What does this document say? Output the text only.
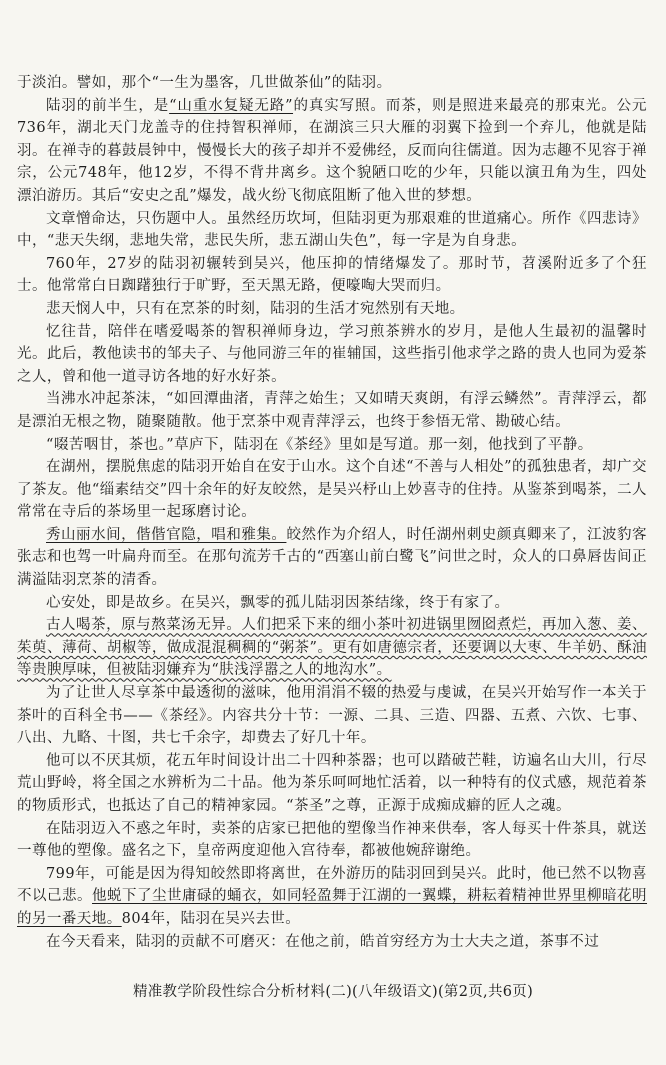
于淡泊。譬如，那个“一生为墨客，几世做茶仙”的陆羽。

陆羽的前半生，是“山重水复疑无路”的真实写照。而茶，则是照进来最亮的那束光。公元736年，湖北天门龙盖寺的住持智积禅师，在湖滨三只大雁的羽翼下捡到一个弃儿，他就是陆羽。在禅寺的暮鼓晨钟中，慢慢长大的孩子却并不爱佛经，反而向往儒道。因为志趣不见容于禅宗，公元748年，他12岁，不得不背井离乡。这个貌陋口吃的少年，只能以演丑角为生，四处漂泊游历。其后“安史之乱”爆发，战火纷飞彻底阻断了他入世的梦想。

文章憎命达，只伤题中人。虽然经历坎坷，但陆羽更为那艰难的世道痛心。所作《四悲诗》中，“悲天失纲，悲地失常，悲民失所，悲五湖山失色”，每一字是为自身悲。

760年，27岁的陆羽初辗转到吴兴，他压抑的情绪爆发了。那时节，苕溪附近多了个狂士。他常常白日踟躇独行于旷野，至天黑无路，便嚎啕大哭而归。

悲天悯人中，只有在烹茶的时刻，陆羽的生活才宛然别有天地。

忆往昔，陪伴在嗜爱喝茶的智积禅师身边，学习煎茶辨水的岁月，是他人生最初的温馨时光。此后，教他读书的邹夫子、与他同游三年的崔辅国，这些指引他求学之路的贵人也同为爱茶之人，曾和他一道寻访各地的好水好茶。

当沸水冲起茶沫，“如回潭曲渚，青萍之始生；又如晴天爽朗，有浮云鳞然”。青萍浮云，都是漂泊无根之物，随聚随散。他于烹茶中观青萍浮云，也终于参悟无常、勘破心结。

“啜苦咽甘，茶也。”草庐下，陆羽在《茶经》里如是写道。那一刻，他找到了平静。

在湖州，摆脱焦虑的陆羽开始自在安于山水。这个自述“不善与人相处”的孤独患者，却广交了茶友。他“缁素结交”四十余年的好友皎然，是吴兴杼山上妙喜寺的住持。从鉴茶到喝茶，二人常常在寺后的茶场里一起琢磨讨论。

秀山丽水间，偕偕官隐，唱和雅集。皎然作为介绍人，时任湖州刺史颜真卿来了，江波豹客张志和也驾一叶扁舟而至。在那句流芳千古的“西塞山前白鹭飞”问世之时，众人的口鼻唇齿间正满溢陆羽烹茶的清香。

心安处，即是故乡。在吴兴，飘零的孤儿陆羽因茶结缘，终于有家了。

古人喝茶，原与熬菜汤无异。人们把采下来的细小茶叶初进锅里囫囵煮烂，再加入葱、姜、茱萸、薄荷、胡椒等，做成混混稠稠的“粥茶”。更有如唐德宗者，还要调以大枣、牛羊奶、酥油等贵腴厚味，但被陆羽嫌弃为“肤浅浮嚣之人的地沟水”。

为了让世人尽享茶中最透彻的滋味，他用涓涓不辍的热爱与虔诚，在吴兴开始写作一本关于茶叶的百科全书——《茶经》。内容共分十节：一源、二具、三造、四器、五煮、六饮、七事、八出、九略、十图，共七千余字，却费去了好几十年。

他可以不厌其烦，花五年时间设计出二十四种茶器；也可以踏破芒鞋，访遍名山大川，行尽荒山野岭，将全国之水辨析为二十品。他为茶乐呵呵地忙活着，以一种特有的仪式感，规范着茶的物质形式，也抵达了自己的精神家园。“茶圣”之尊，正源于成痴成癖的匠人之魂。

在陆羽迈入不惑之年时，卖茶的店家已把他的塑像当作神来供奉，客人每买十件茶具，就送一尊他的塑像。盛名之下，皇帝两度迎他入宫待奉，都被他婉辞谢绝。

799年，可能是因为得知皎然即将离世，在外游历的陆羽回到吴兴。此时，他已然不以物喜不以己悲。他蜕下了尘世庸碌的蛹衣，如同轻盈舞于江湖的一翼蝶，耕耘着精神世界里柳暗花明的另一番天地。804年，陆羽在吴兴去世。

在今天看来，陆羽的贡献不可磨灭：在他之前，皓首穷经方为士大夫之道，茶事不过

精准教学阶段性综合分析材料(二)(八年级语文)(第2页,共6页)
